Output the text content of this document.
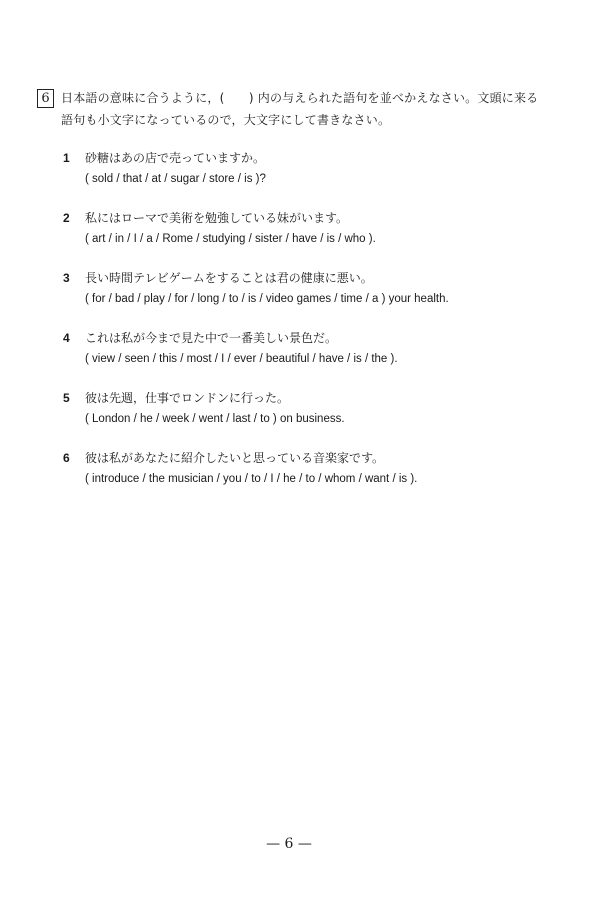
6 日本語の意味に合うように，(　　) 内の与えられた語句を並べかえなさい。文頭に来る
語句も小文字になっているので，大文字にして書きなさい。
1 砂糖はあの店で売っていますか。
( sold / that / at / sugar / store / is )?
2 私にはローマで美術を勉強している妹がいます。
( art / in / I / a / Rome / studying / sister / have / is / who ).
3 長い時間テレビゲームをすることは君の健康に悪い。
( for / bad / play / for / long / to / is / video games / time / a ) your health.
4 これは私が今まで見た中で一番美しい景色だ。
( view / seen / this / most / I / ever / beautiful / have / is / the ).
5 彼は先週，仕事でロンドンに行った。
( London / he / week / went / last / to ) on business.
6 彼は私があなたに紹介したいと思っている音楽家です。
( introduce / the musician / you / to / I / he / to / whom / want / is ).
— 6 —
